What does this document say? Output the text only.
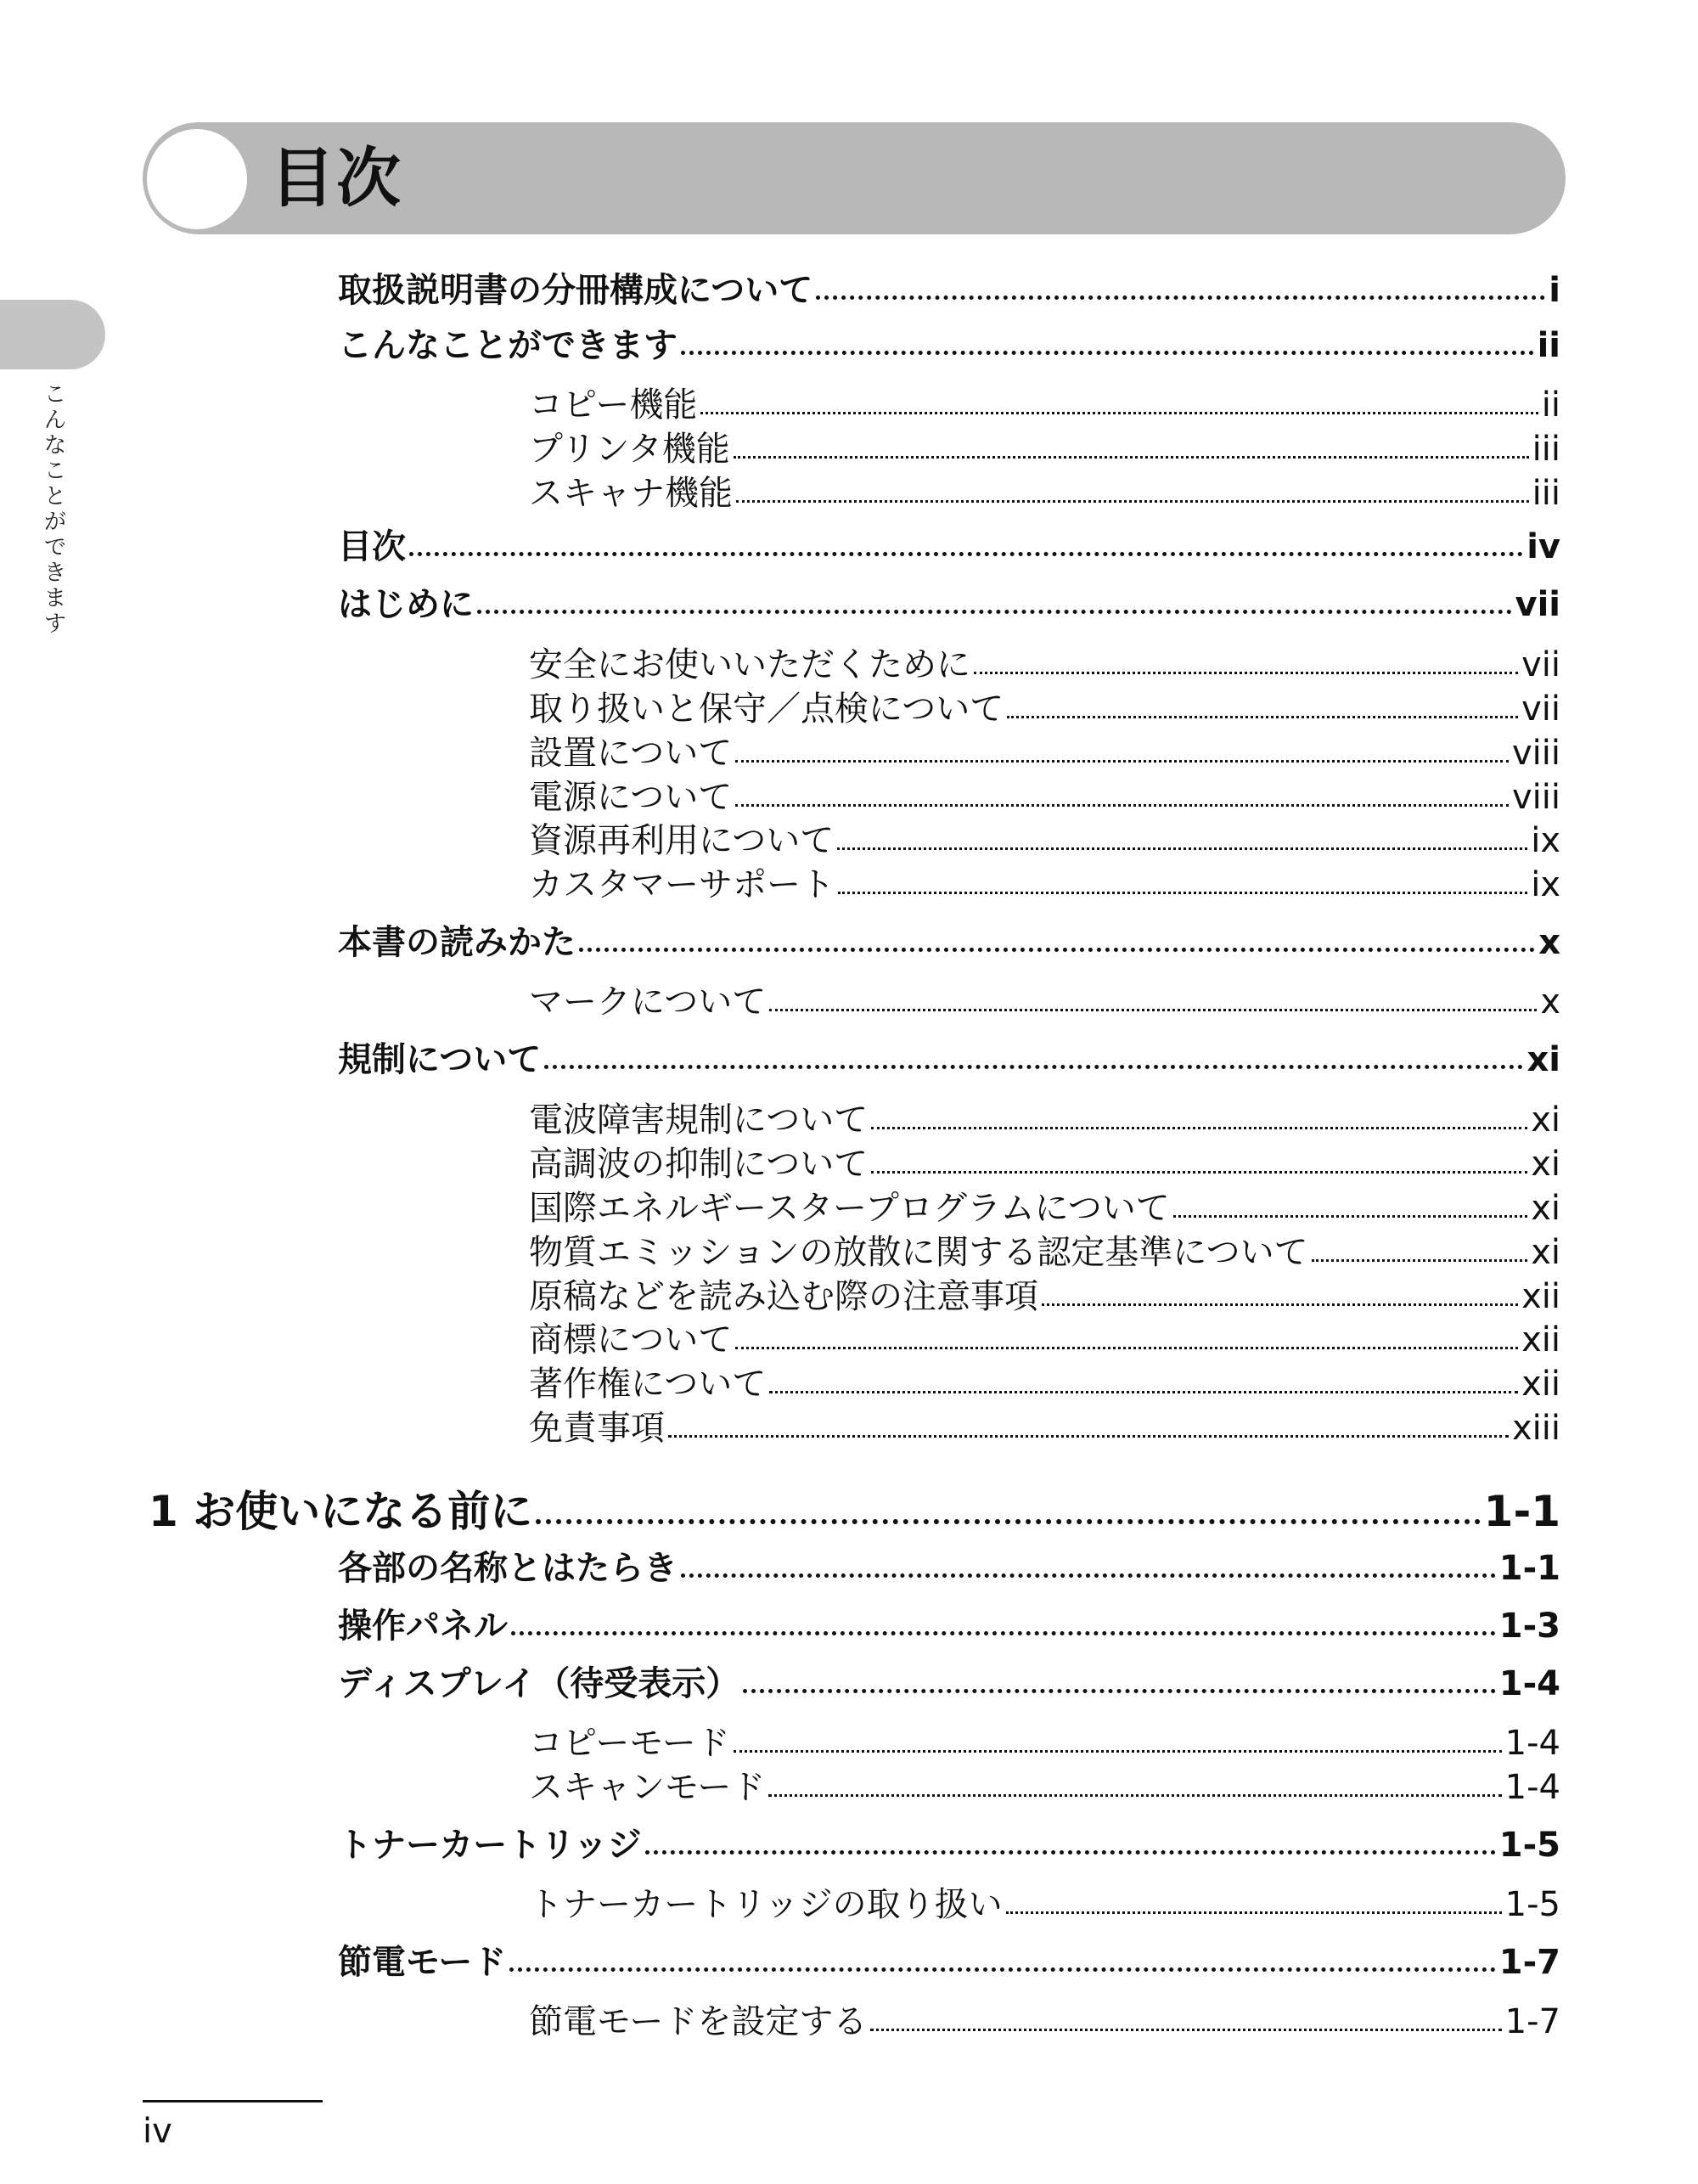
目次
こんなことができます
取扱説明書の分冊構成について	i
こんなことができます	ii
コピー機能	ii
プリンタ機能	iii
スキャナ機能	iii
目次	iv
はじめに	vii
安全にお使いいただくために	vii
取り扱いと保守／点検について	vii
設置について	viii
電源について	viii
資源再利用について	ix
カスタマーサポート	ix
本書の読みかた	x
マークについて	x
規制について	xi
電波障害規制について	xi
高調波の抑制について	xi
国際エネルギースタープログラムについて	xi
物質エミッションの放散に関する認定基準について	xi
原稿などを読み込む際の注意事項	xii
商標について	xii
著作権について	xii
免責事項	xiii
1 お使いになる前に	1-1
各部の名称とはたらき	1-1
操作パネル	1-3
ディスプレイ（待受表示）	1-4
コピーモード	1-4
スキャンモード	1-4
トナーカートリッジ	1-5
トナーカートリッジの取り扱い	1-5
節電モード	1-7
節電モードを設定する	1-7
iv
